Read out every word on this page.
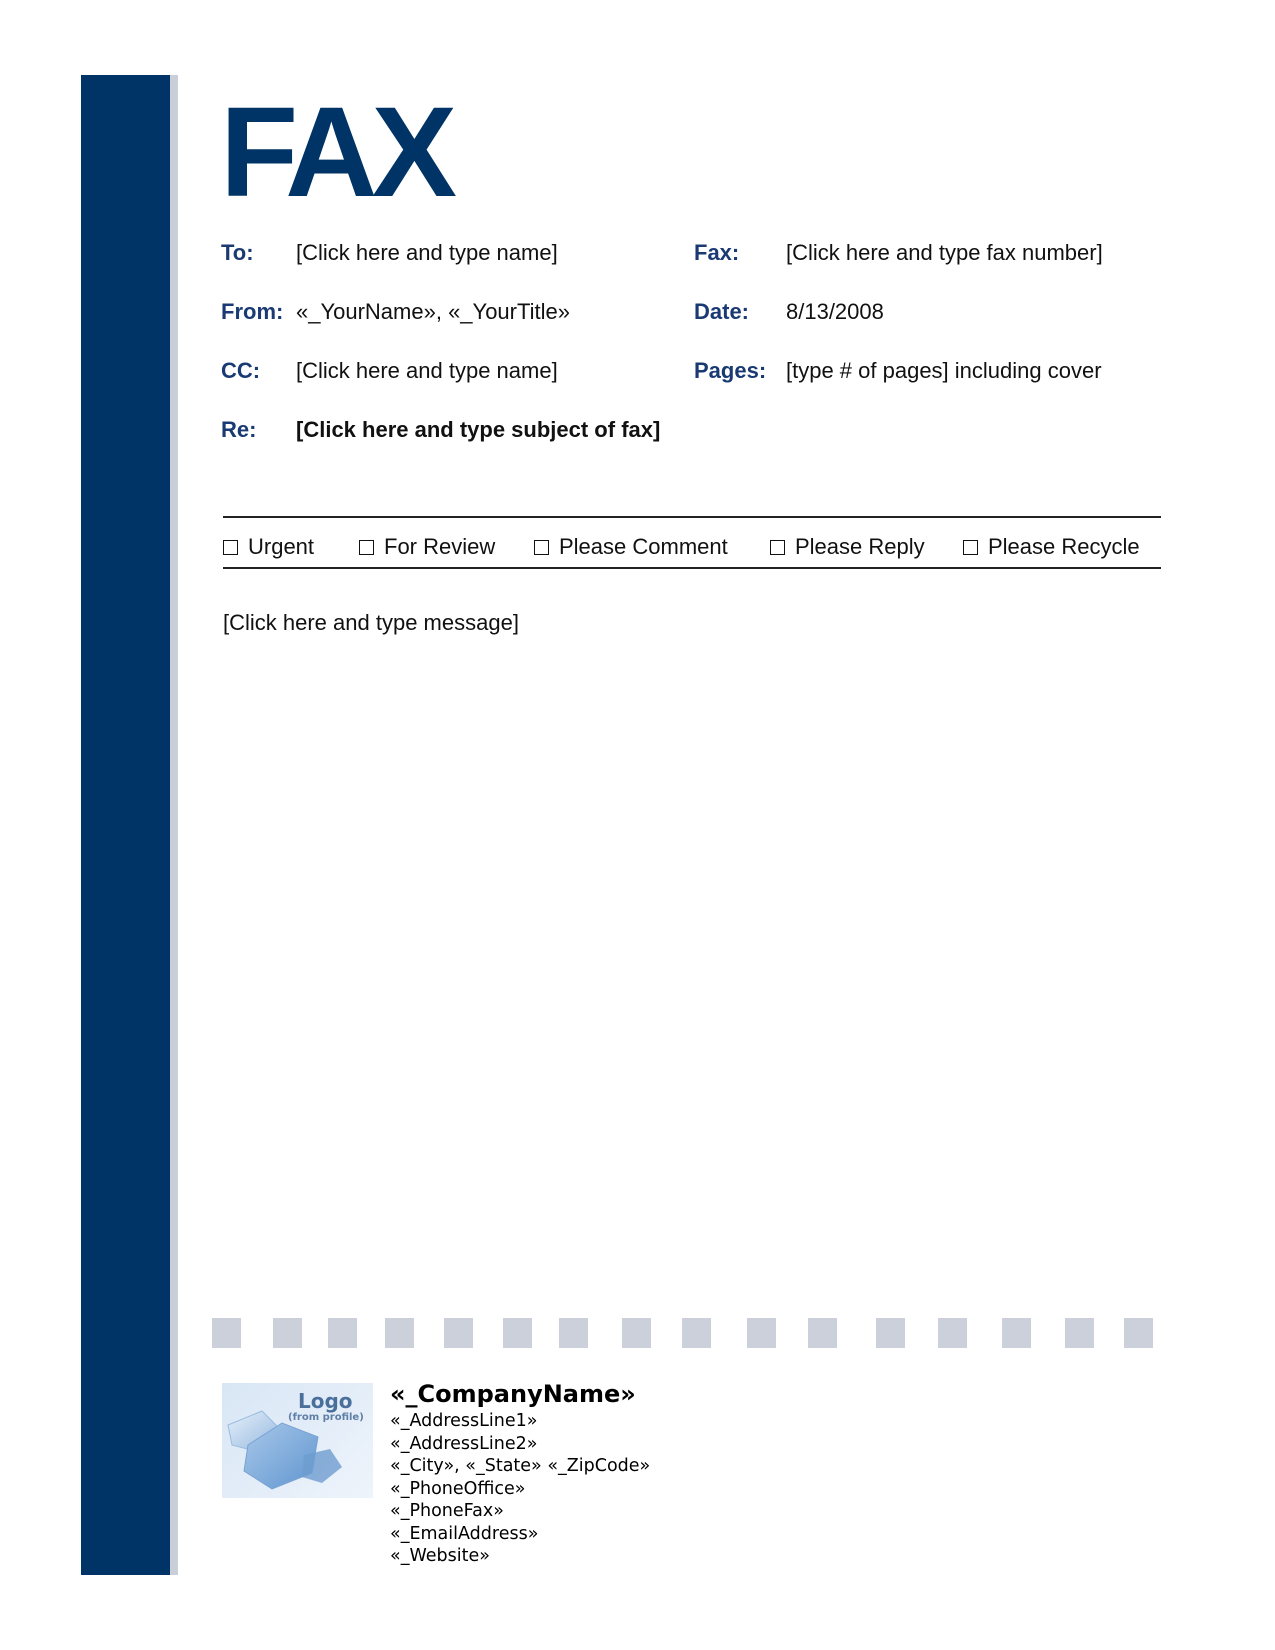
FAX
To: [Click here and type name]	Fax: [Click here and type fax number]
From: «_YourName», «_YourTitle»	Date: 8/13/2008
CC: [Click here and type name]	Pages: [type # of pages] including cover
Re: [Click here and type subject of fax]
Urgent	For Review	Please Comment	Please Reply	Please Recycle
[Click here and type message]
Logo
(from profile)
«_CompanyName»
«_AddressLine1»
«_AddressLine2»
«_City», «_State» «_ZipCode»
«_PhoneOffice»
«_PhoneFax»
«_EmailAddress»
«_Website»
